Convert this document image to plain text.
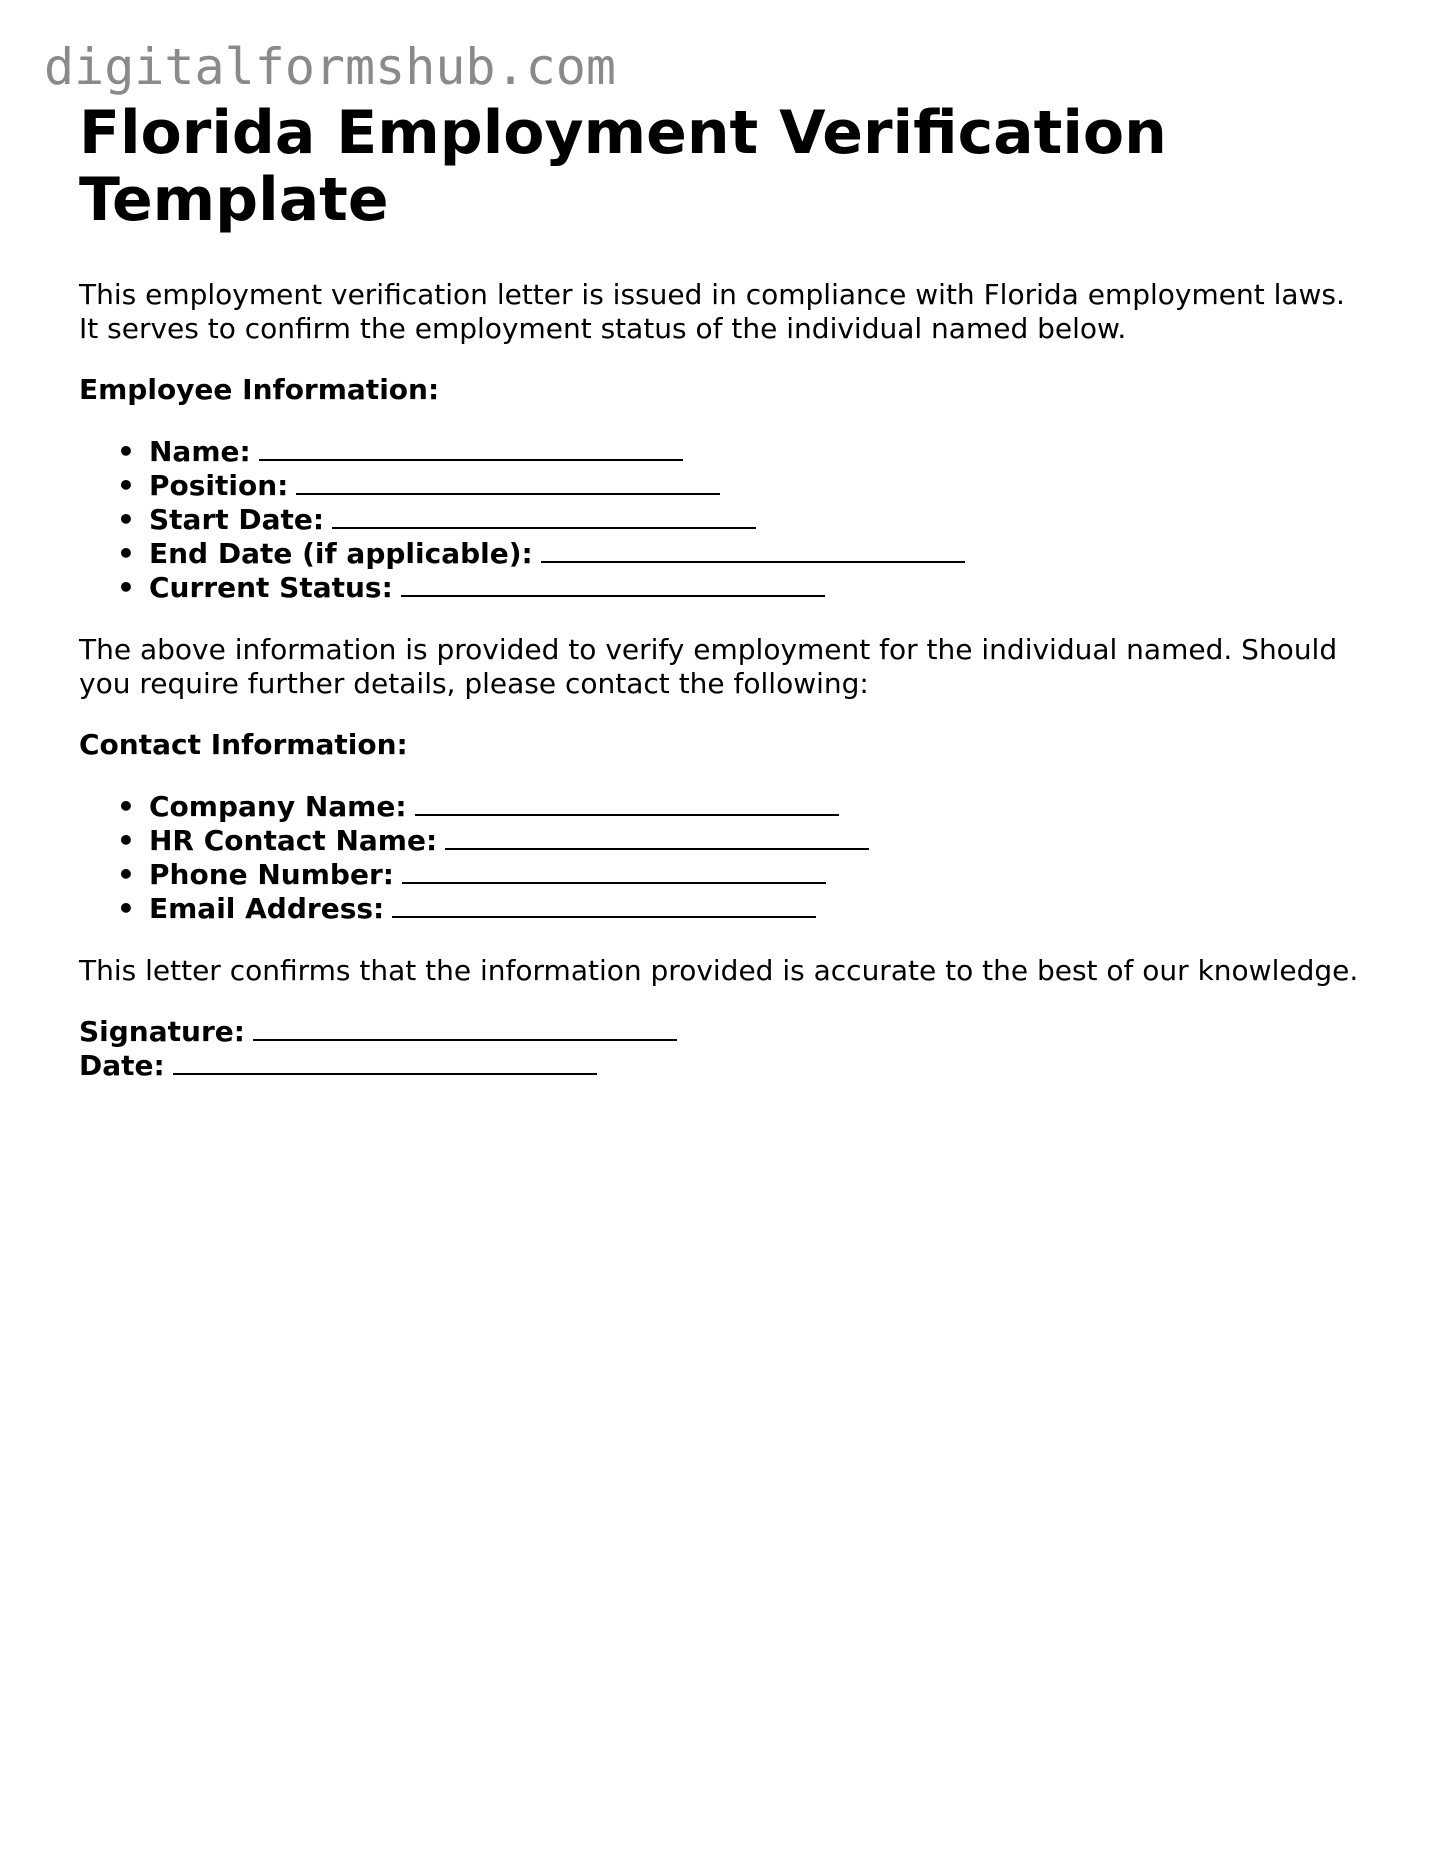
digitalformshub.com
Florida Employment Verification Template

This employment verification letter is issued in compliance with Florida employment laws. It serves to confirm the employment status of the individual named below.

Employee Information:
• Name:
• Position:
• Start Date:
• End Date (if applicable):
• Current Status:

The above information is provided to verify employment for the individual named. Should you require further details, please contact the following:

Contact Information:
• Company Name:
• HR Contact Name:
• Phone Number:
• Email Address:

This letter confirms that the information provided is accurate to the best of our knowledge.

Signature:
Date:
